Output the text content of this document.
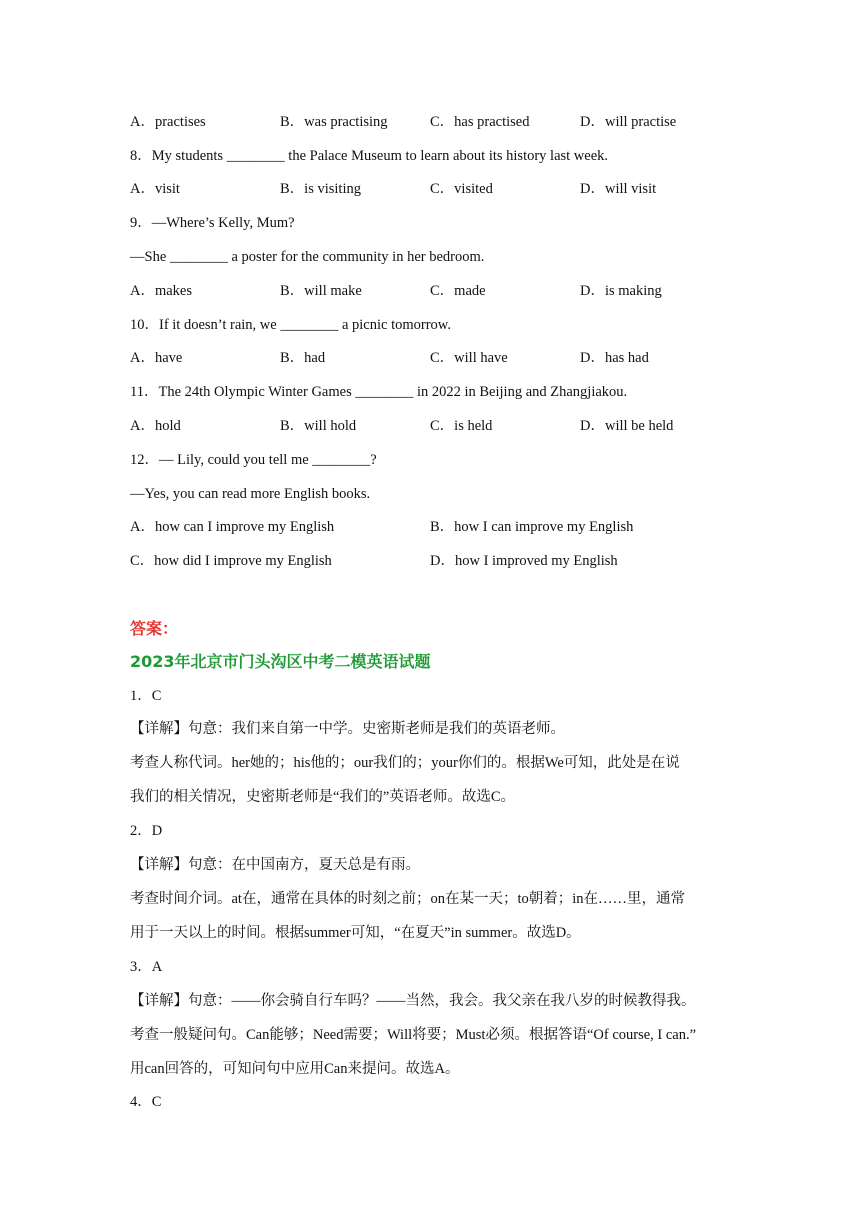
A．practises	B．was practising	C．has practised	D．will practise
8．My students ________ the Palace Museum to learn about its history last week.
A．visit	B．is visiting	C．visited	D．will visit
9．—Where’s Kelly, Mum?
—She ________ a poster for the community in her bedroom.
A．makes	B．will make	C．made	D．is making
10．If it doesn’t rain, we ________ a picnic tomorrow.
A．have	B．had	C．will have	D．has had
11．The 24th Olympic Winter Games ________ in 2022 in Beijing and Zhangjiakou.
A．hold	B．will hold	C．is held	D．will be held
12．— Lily, could you tell me ________?
—Yes, you can read more English books.
A．how can I improve my English	B．how I can improve my English
C．how did I improve my English	D．how I improved my English
答案：
2023年北京市门头沟区中考二模英语试题
1．C
【详解】句意：我们来自第一中学。史密斯老师是我们的英语老师。
考查人称代词。her她的；his他的；our我们的；your你们的。根据We可知，此处是在说
我们的相关情况，史密斯老师是“我们的”英语老师。故选C。
2．D
【详解】句意：在中国南方，夏天总是有雨。
考查时间介词。at在，通常在具体的时刻之前；on在某一天；to朝着；in在……里，通常
用于一天以上的时间。根据summer可知，“在夏天”in summer。故选D。
3．A
【详解】句意：——你会骑自行车吗？——当然，我会。我父亲在我八岁的时候教得我。
考查一般疑问句。Can能够；Need需要；Will将要；Must必须。根据答语“Of course, I can.”
用can回答的，可知问句中应用Can来提问。故选A。
4．C
